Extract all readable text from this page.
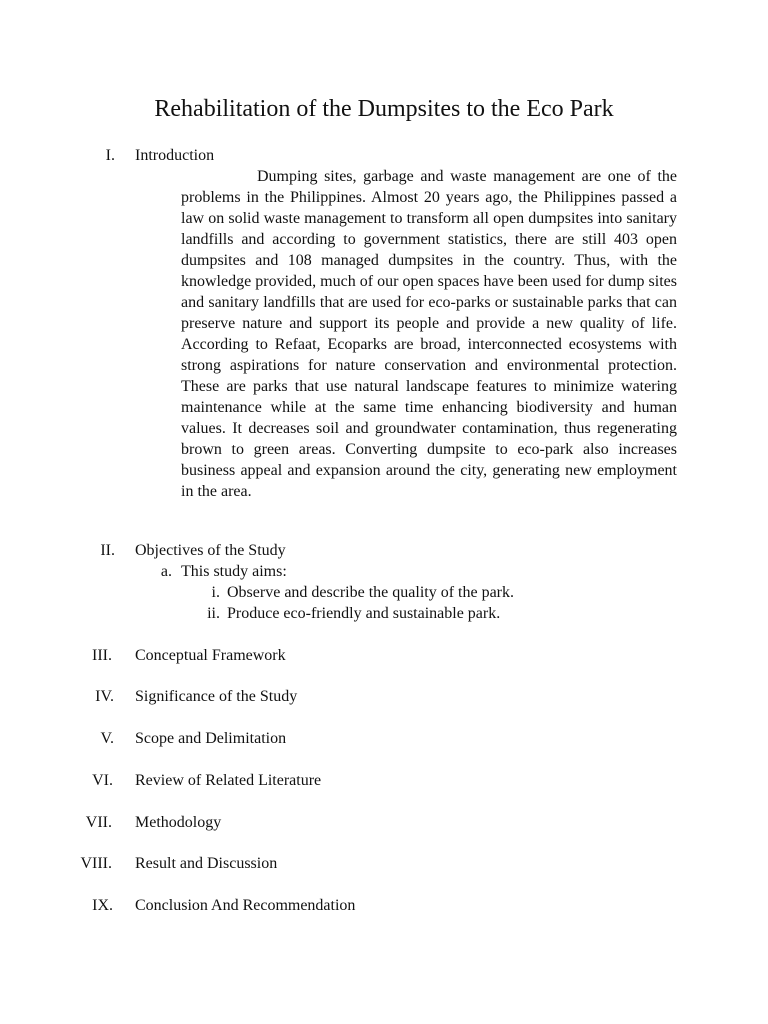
Rehabilitation of the Dumpsites to the Eco Park
I. Introduction

Dumping sites, garbage and waste management are one of the problems in the Philippines. Almost 20 years ago, the Philippines passed a law on solid waste management to transform all open dumpsites into sanitary landfills and according to government statistics, there are still 403 open dumpsites and 108 managed dumpsites in the country. Thus, with the knowledge provided, much of our open spaces have been used for dump sites and sanitary landfills that are used for eco-parks or sustainable parks that can preserve nature and support its people and provide a new quality of life. According to Refaat, Ecoparks are broad, interconnected ecosystems with strong aspirations for nature conservation and environmental protection. These are parks that use natural landscape features to minimize watering maintenance while at the same time enhancing biodiversity and human values. It decreases soil and groundwater contamination, thus regenerating brown to green areas. Converting dumpsite to eco-park also increases business appeal and expansion around the city, generating new employment in the area.

II. Objectives of the Study
a. This study aims:
i. Observe and describe the quality of the park.
ii. Produce eco-friendly and sustainable park.
III. Conceptual Framework
IV. Significance of the Study
V. Scope and Delimitation
VI. Review of Related Literature
VII. Methodology
VIII. Result and Discussion
IX. Conclusion And Recommendation
